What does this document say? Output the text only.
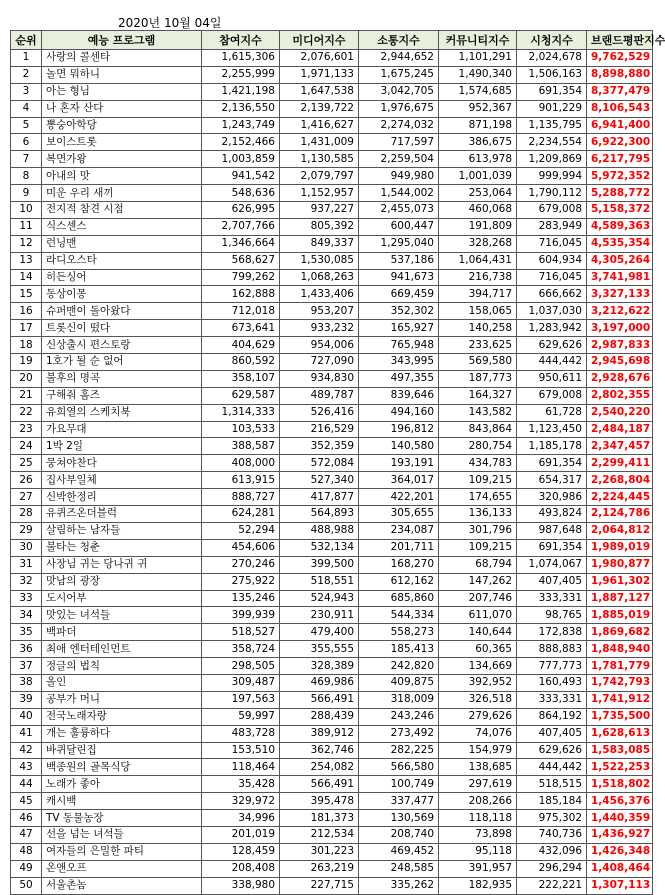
2020년 10월 04일
순위	예능 프로그램	참여지수	미디어지수	소통지수	커뮤니티지수	시청지수	브랜드평판지수
1	사랑의 콜센타	1,615,306	2,076,601	2,944,652	1,101,291	2,024,678	9,762,529
2	놀면 뭐하니	2,255,999	1,971,133	1,675,245	1,490,340	1,506,163	8,898,880
3	아는 형님	1,421,198	1,647,538	3,042,705	1,574,685	691,354	8,377,479
4	나 혼자 산다	2,136,550	2,139,722	1,976,675	952,367	901,229	8,106,543
5	뽕숭아학당	1,243,749	1,416,627	2,274,032	871,198	1,135,795	6,941,400
6	보이스트롯	2,152,466	1,431,009	717,597	386,675	2,234,554	6,922,300
7	복면가왕	1,003,859	1,130,585	2,259,504	613,978	1,209,869	6,217,795
8	아내의 맛	941,542	2,079,797	949,980	1,001,039	999,994	5,972,352
9	미운 우리 새끼	548,636	1,152,957	1,544,002	253,064	1,790,112	5,288,772
10	전지적 참견 시점	626,995	937,227	2,455,073	460,068	679,008	5,158,372
11	식스센스	2,707,766	805,392	600,447	191,809	283,949	4,589,363
12	런닝맨	1,346,664	849,337	1,295,040	328,268	716,045	4,535,354
13	라디오스타	568,627	1,530,085	537,186	1,064,431	604,934	4,305,264
14	히든싱어	799,262	1,068,263	941,673	216,738	716,045	3,741,981
15	동상이몽	162,888	1,433,406	669,459	394,717	666,662	3,327,133
16	슈퍼맨이 돌아왔다	712,018	953,207	352,302	158,065	1,037,030	3,212,622
17	트롯신이 떴다	673,641	933,232	165,927	140,258	1,283,942	3,197,000
18	신상출시 편스토랑	404,629	954,006	765,948	233,625	629,626	2,987,833
19	1호가 될 순 없어	860,592	727,090	343,995	569,580	444,442	2,945,698
20	불후의 명곡	358,107	934,830	497,355	187,773	950,611	2,928,676
21	구해줘 홈즈	629,587	489,787	839,646	164,327	679,008	2,802,355
22	유희열의 스케치북	1,314,333	526,416	494,160	143,582	61,728	2,540,220
23	가요무대	103,533	216,529	196,812	843,864	1,123,450	2,484,187
24	1박 2일	388,587	352,359	140,580	280,754	1,185,178	2,347,457
25	뭉쳐야찬다	408,000	572,084	193,191	434,783	691,354	2,299,411
26	집사부일체	613,915	527,340	364,017	109,215	654,317	2,268,804
27	신박한정리	888,727	417,877	422,201	174,655	320,986	2,224,445
28	유퀴즈온더블럭	624,281	564,893	305,655	136,133	493,824	2,124,786
29	살림하는 남자들	52,294	488,988	234,087	301,796	987,648	2,064,812
30	불타는 청춘	454,606	532,134	201,711	109,215	691,354	1,989,019
31	사장님 귀는 당나귀 귀	270,246	399,500	168,270	68,794	1,074,067	1,980,877
32	맛남의 광장	275,922	518,551	612,162	147,262	407,405	1,961,302
33	도시어부	135,246	524,943	685,860	207,746	333,331	1,887,127
34	맛있는 녀석들	399,939	230,911	544,334	611,070	98,765	1,885,019
35	백파더	518,527	479,400	558,273	140,644	172,838	1,869,682
36	최애 엔터테인먼트	358,724	355,555	185,413	60,365	888,883	1,848,940
37	정글의 법칙	298,505	328,389	242,820	134,669	777,773	1,781,779
38	올인	309,487	469,986	409,875	392,952	160,493	1,742,793
39	공부가 머니	197,563	566,491	318,009	326,518	333,331	1,741,912
40	전국노래자랑	59,997	288,439	243,246	279,626	864,192	1,735,500
41	개는 훌륭하다	483,728	389,912	273,492	74,076	407,405	1,628,613
42	바퀴달린집	153,510	362,746	282,225	154,979	629,626	1,583,085
43	백종원의 골목식당	118,464	254,082	566,580	138,685	444,442	1,522,253
44	노래가 좋아	35,428	566,491	100,749	297,619	518,515	1,518,802
45	캐시백	329,972	395,478	337,477	208,266	185,184	1,456,376
46	TV 동물농장	34,996	181,373	130,569	118,118	975,302	1,440,359
47	선을 넘는 녀석들	201,019	212,534	208,740	73,898	740,736	1,436,927
48	여자들의 은밀한 파티	128,459	301,223	469,452	95,118	432,096	1,426,348
49	온앤오프	208,408	263,219	248,585	391,957	296,294	1,408,464
50	서울촌놈	338,980	227,715	335,262	182,935	222,221	1,307,113
